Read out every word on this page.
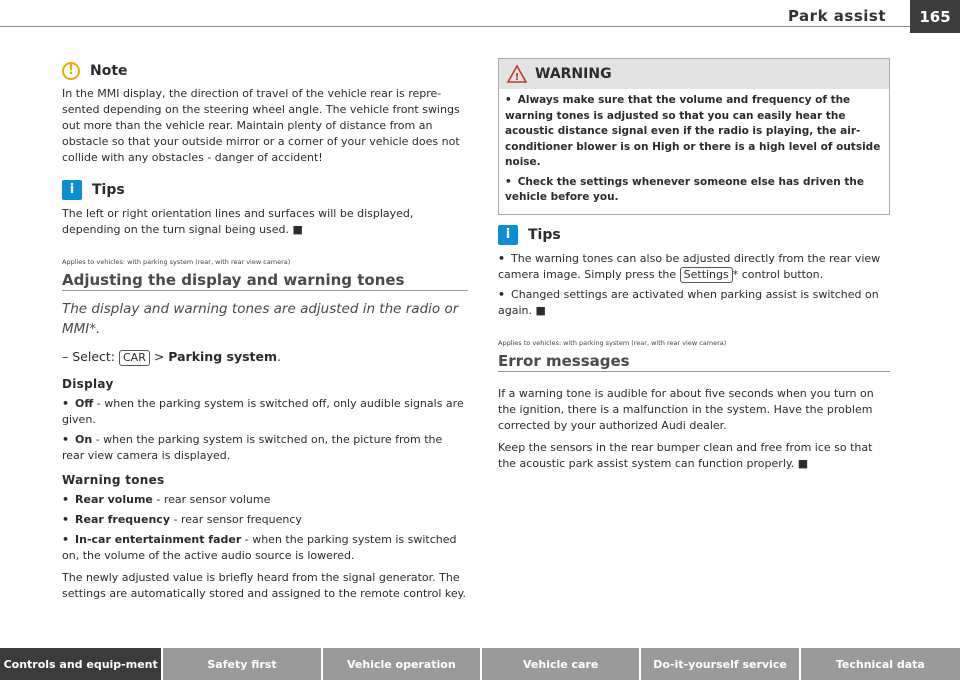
Park assist	165
!	Note

In the MMI display, the direction of travel of the vehicle rear is repre-sented depending on the steering wheel angle. The vehicle front swings out more than the vehicle rear. Maintain plenty of distance from an obstacle so that your outside mirror or a corner of your vehicle does not collide with any obstacles - danger of accident!

i	Tips

The left or right orientation lines and surfaces will be displayed, depending on the turn signal being used. ■

Applies to vehicles: with parking system (rear, with rear view camera)
Adjusting the display and warning tones
The display and warning tones are adjusted in the radio or MMI*.
– Select: CAR > Parking system.
Display
• Off - when the parking system is switched off, only audible signals are given.
• On - when the parking system is switched on, the picture from the rear view camera is displayed.
Warning tones
• Rear volume - rear sensor volume
• Rear frequency - rear sensor frequency
• In-car entertainment fader - when the parking system is switched on, the volume of the active audio source is lowered.

The newly adjusted value is briefly heard from the signal generator. The settings are automatically stored and assigned to the remote control key.

! WARNING
• Always make sure that the volume and frequency of the warning tones is adjusted so that you can easily hear the acoustic distance signal even if the radio is playing, the air-conditioner blower is on High or there is a high level of outside noise.
• Check the settings whenever someone else has driven the vehicle before you.
i	Tips
• The warning tones can also be adjusted directly from the rear view camera image. Simply press the Settings * control button.
• Changed settings are activated when parking assist is switched on again. ■
Applies to vehicles: with parking system (rear, with rear view camera)
Error messages

If a warning tone is audible for about five seconds when you turn on the ignition, there is a malfunction in the system. Have the problem corrected by your authorized Audi dealer.

Keep the sensors in the rear bumper clean and free from ice so that the acoustic park assist system can function properly. ■

Controls and equip-ment	Safety first	Vehicle operation	Vehicle care	Do-it-yourself service	Technical data
